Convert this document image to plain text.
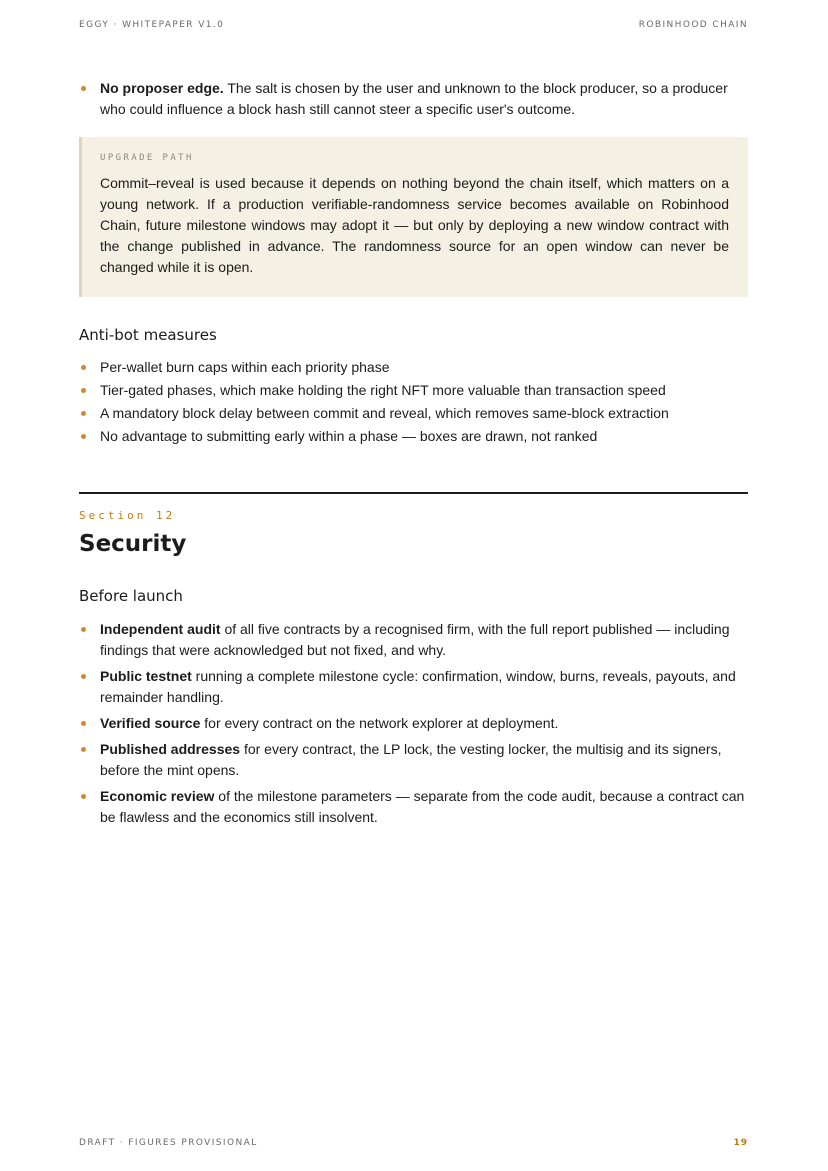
EGGY · WHITEPAPER V1.0	ROBINHOOD CHAIN
No proposer edge. The salt is chosen by the user and unknown to the block producer, so a producer who could influence a block hash still cannot steer a specific user's outcome.
UPGRADE PATH
Commit–reveal is used because it depends on nothing beyond the chain itself, which matters on a young network. If a production verifiable-randomness service becomes available on Robinhood Chain, future milestone windows may adopt it — but only by deploying a new window contract with the change published in advance. The randomness source for an open window can never be changed while it is open.
Anti-bot measures
Per-wallet burn caps within each priority phase
Tier-gated phases, which make holding the right NFT more valuable than transaction speed
A mandatory block delay between commit and reveal, which removes same-block extraction
No advantage to submitting early within a phase — boxes are drawn, not ranked
Section 12
Security
Before launch
Independent audit of all five contracts by a recognised firm, with the full report published — including findings that were acknowledged but not fixed, and why.
Public testnet running a complete milestone cycle: confirmation, window, burns, reveals, payouts, and remainder handling.
Verified source for every contract on the network explorer at deployment.
Published addresses for every contract, the LP lock, the vesting locker, the multisig and its signers, before the mint opens.
Economic review of the milestone parameters — separate from the code audit, because a contract can be flawless and the economics still insolvent.
DRAFT · FIGURES PROVISIONAL	19
